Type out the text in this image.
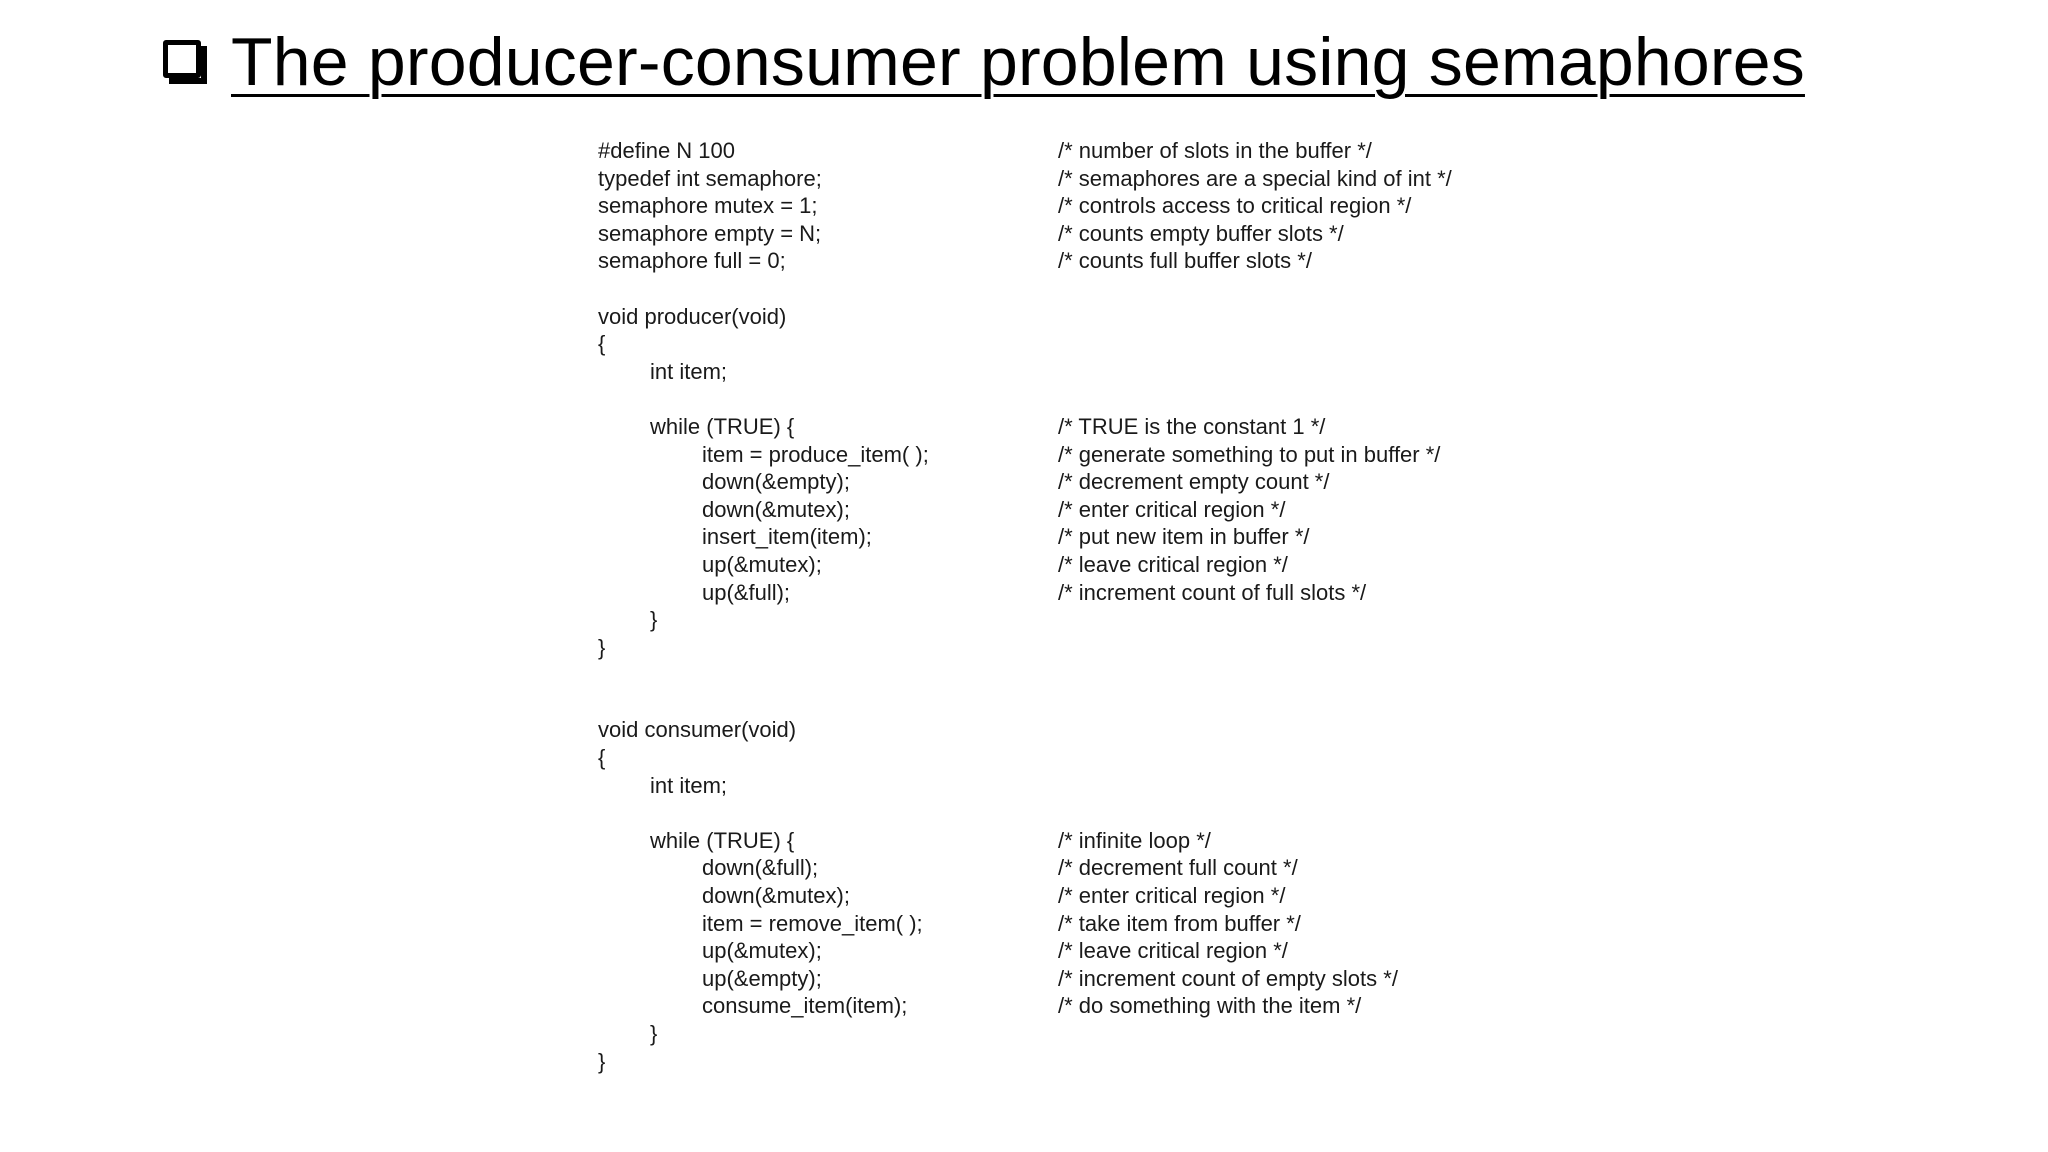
The producer-consumer problem using semaphores
#define N 100	/* number of slots in the buffer */
typedef int semaphore;	/* semaphores are a special kind of int */
semaphore mutex = 1;	/* controls access to critical region */
semaphore empty = N;	/* counts empty buffer slots */
semaphore full = 0;	/* counts full buffer slots */
void producer(void)
{
int item;
while (TRUE) {	/* TRUE is the constant 1 */
item = produce_item( );	/* generate something to put in buffer */
down(&empty);	/* decrement empty count */
down(&mutex);	/* enter critical region */
insert_item(item);	/* put new item in buffer */
up(&mutex);	/* leave critical region */
up(&full);	/* increment count of full slots */
}
}
void consumer(void)
{
int item;
while (TRUE) {	/* infinite loop */
down(&full);	/* decrement full count */
down(&mutex);	/* enter critical region */
item = remove_item( );	/* take item from buffer */
up(&mutex);	/* leave critical region */
up(&empty);	/* increment count of empty slots */
consume_item(item);	/* do something with the item */
}
}
